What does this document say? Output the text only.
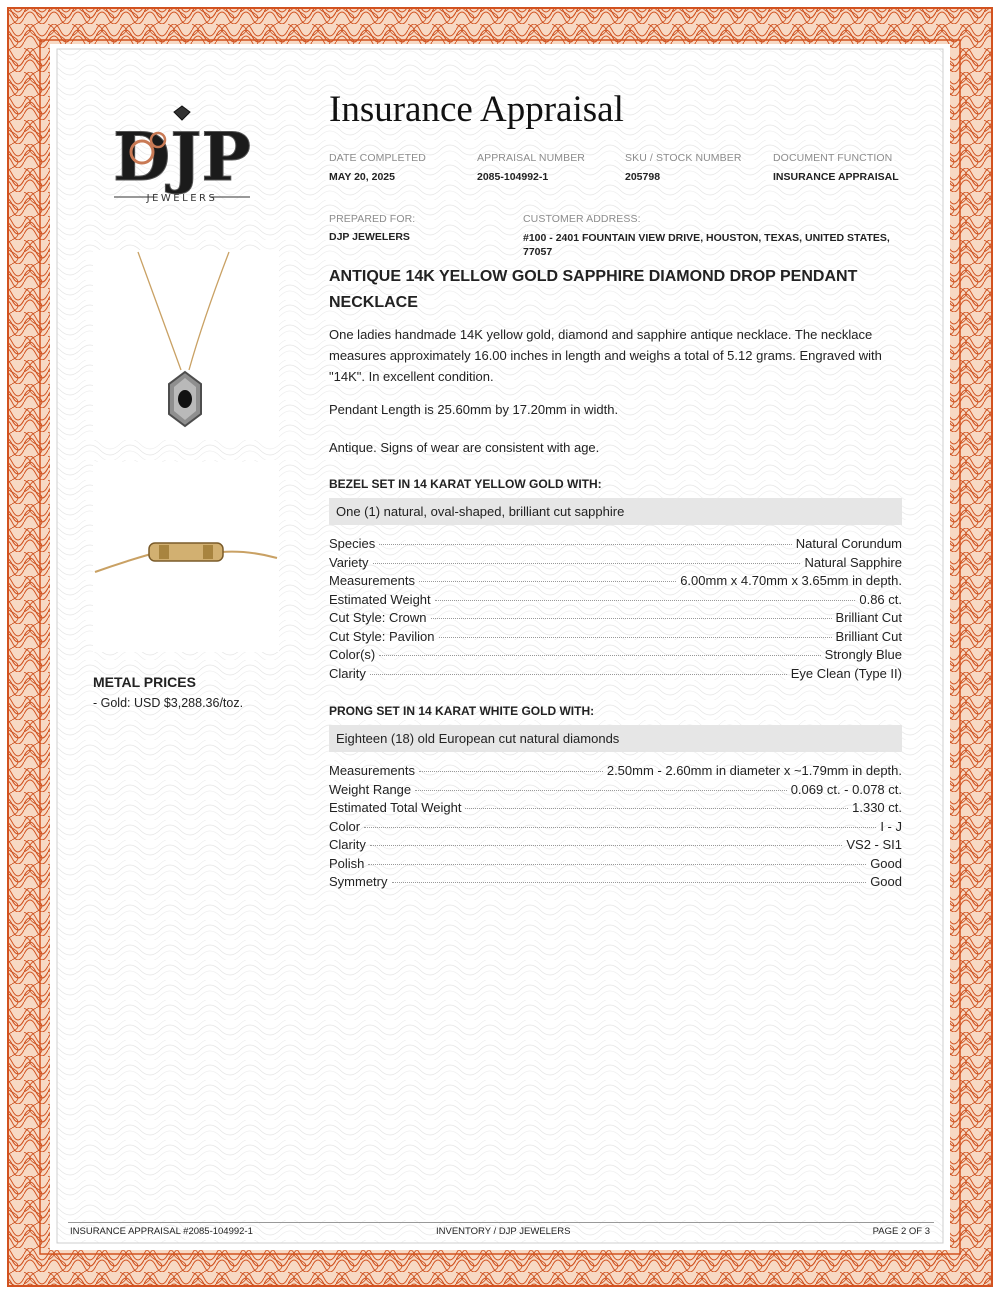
DJP
JEWELERS
METAL PRICES
- Gold: USD $3,288.36/toz.
Insurance Appraisal
DATE COMPLETED
MAY 20, 2025
APPRAISAL NUMBER
2085-104992-1
SKU / STOCK NUMBER
205798
DOCUMENT FUNCTION
INSURANCE APPRAISAL
PREPARED FOR:
DJP JEWELERS
CUSTOMER ADDRESS:
#100 - 2401 FOUNTAIN VIEW DRIVE, HOUSTON, TEXAS, UNITED STATES, 77057
ANTIQUE 14K YELLOW GOLD SAPPHIRE DIAMOND DROP PENDANT NECKLACE
One ladies handmade 14K yellow gold, diamond and sapphire antique necklace. The necklace measures approximately 16.00 inches in length and weighs a total of 5.12 grams. Engraved with "14K". In excellent condition.
Pendant Length is 25.60mm by 17.20mm in width.
Antique. Signs of wear are consistent with age.
BEZEL SET IN 14 KARAT YELLOW GOLD WITH:
One (1) natural, oval-shaped, brilliant cut sapphire
Species	Natural Corundum
Variety	Natural Sapphire
Measurements	6.00mm x 4.70mm x 3.65mm in depth.
Estimated Weight	0.86 ct.
Cut Style: Crown	Brilliant Cut
Cut Style: Pavilion	Brilliant Cut
Color(s)	Strongly Blue
Clarity	Eye Clean (Type II)
PRONG SET IN 14 KARAT WHITE GOLD WITH:
Eighteen (18) old European cut natural diamonds
Measurements	2.50mm - 2.60mm in diameter x ~1.79mm in depth.
Weight Range	0.069 ct. - 0.078 ct.
Estimated Total Weight	1.330 ct.
Color	I - J
Clarity	VS2 - SI1
Polish	Good
Symmetry	Good
INSURANCE APPRAISAL #2085-104992-1	INVENTORY / DJP JEWELERS	PAGE 2 OF 3
